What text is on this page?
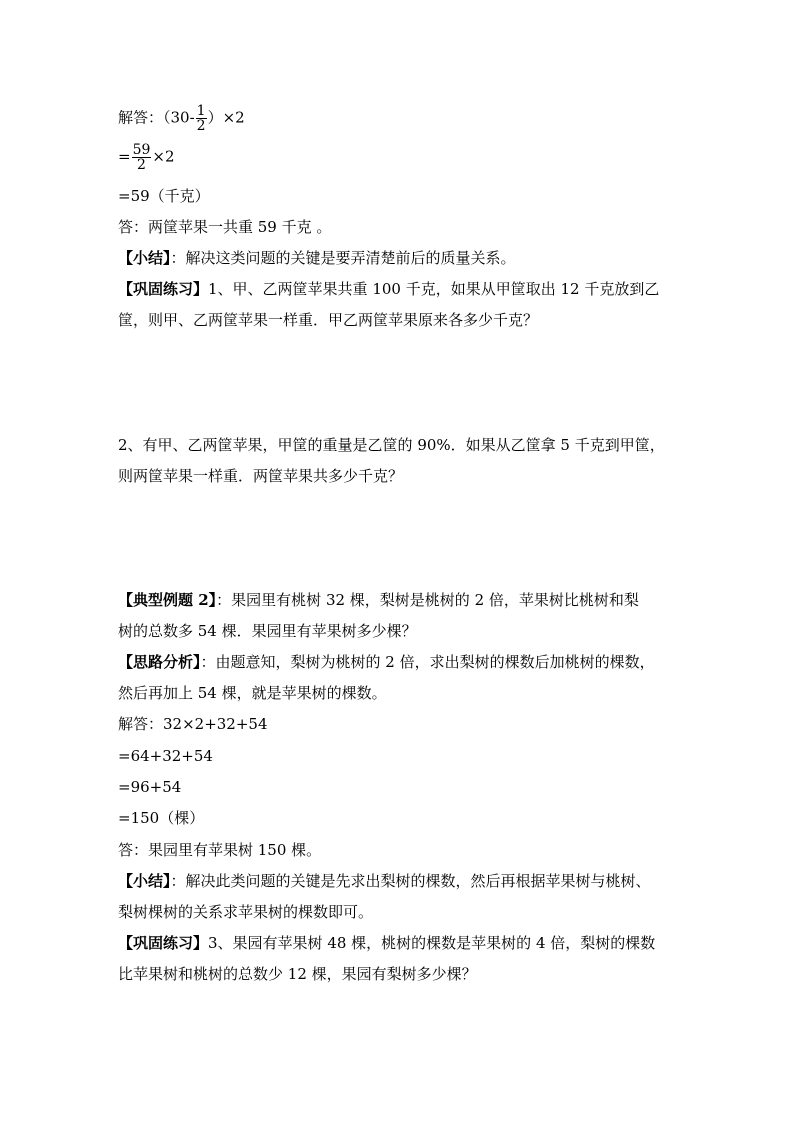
解答：$(30- \frac{1}{2} )\times 2$
= $\frac{59}{2} \times 2$
=59（千克）
答：两筐苹果一共重 59 千克 。
【小结】：解决这类问题的关键是要弄清楚前后的质量关系。
【巩固练习】1、甲、乙两筐苹果共重 100 千克，如果从甲筐取出 12 千克放到乙
筐，则甲、乙两筐苹果一样重．甲乙两筐苹果原来各多少千克？
2、有甲、乙两筐苹果，甲筐的重量是乙筐的 90%．如果从乙筐拿 5 千克到甲筐，
则两筐苹果一样重．两筐苹果共多少千克？
【典型例题 2】：果园里有桃树 32 棵，梨树是桃树的 2 倍，苹果树比桃树和梨
树的总数多 54 棵．果园里有苹果树多少棵？
【思路分析】：由题意知，梨树为桃树的 2 倍，求出梨树的棵数后加桃树的棵数，
然后再加上 54 棵，就是苹果树的棵数。
解答：32×2+32+54
=64+32+54
=96+54
=150（棵）
答：果园里有苹果树 150 棵。
【小结】：解决此类问题的关键是先求出梨树的棵数，然后再根据苹果树与桃树、
梨树棵树的关系求苹果树的棵数即可。
【巩固练习】3、果园有苹果树 48 棵，桃树的棵数是苹果树的 4 倍，梨树的棵数
比苹果树和桃树的总数少 12 棵，果园有梨树多少棵？
